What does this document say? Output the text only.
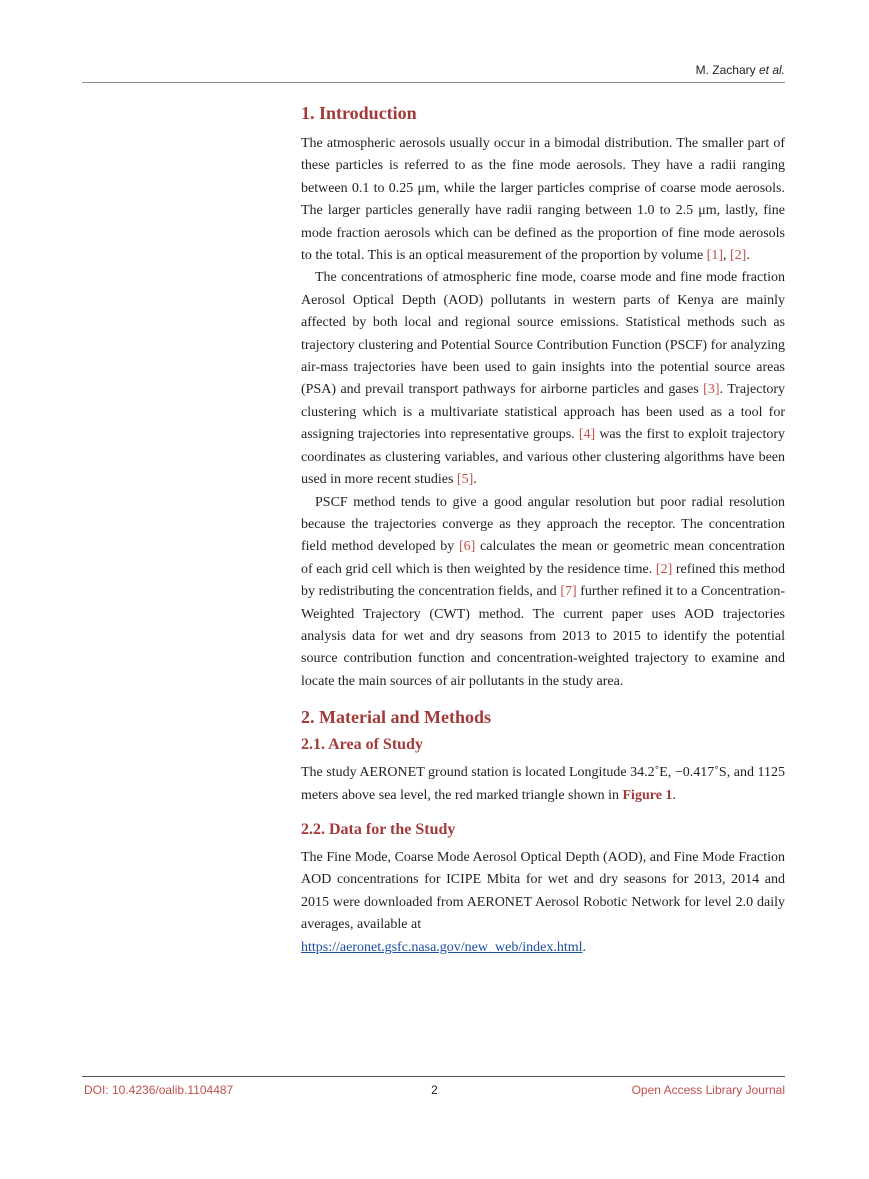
M. Zachary et al.
1. Introduction

The atmospheric aerosols usually occur in a bimodal distribution. The smaller part of these particles is referred to as the fine mode aerosols. They have a radii ranging between 0.1 to 0.25 μm, while the larger particles comprise of coarse mode aerosols. The larger particles generally have radii ranging between 1.0 to 2.5 μm, lastly, fine mode fraction aerosols which can be defined as the proportion of fine mode aerosols to the total. This is an optical measurement of the proportion by volume [1], [2].

The concentrations of atmospheric fine mode, coarse mode and fine mode fraction Aerosol Optical Depth (AOD) pollutants in western parts of Kenya are mainly affected by both local and regional source emissions. Statistical methods such as trajectory clustering and Potential Source Contribution Function (PSCF) for analyzing air-mass trajectories have been used to gain insights into the potential source areas (PSA) and prevail transport pathways for airborne particles and gases [3]. Trajectory clustering which is a multivariate statistical approach has been used as a tool for assigning trajectories into representative groups. [4] was the first to exploit trajectory coordinates as clustering variables, and various other clustering algorithms have been used in more recent studies [5].

PSCF method tends to give a good angular resolution but poor radial resolution because the trajectories converge as they approach the receptor. The concentration field method developed by [6] calculates the mean or geometric mean concentration of each grid cell which is then weighted by the residence time. [2] refined this method by redistributing the concentration fields, and [7] further refined it to a Concentration-Weighted Trajectory (CWT) method. The current paper uses AOD trajectories analysis data for wet and dry seasons from 2013 to 2015 to identify the potential source contribution function and concentration-weighted trajectory to examine and locate the main sources of air pollutants in the study area.

2. Material and Methods
2.1. Area of Study

The study AERONET ground station is located Longitude 34.2˚E, −0.417˚S, and 1125 meters above sea level, the red marked triangle shown in Figure 1.

2.2. Data for the Study

The Fine Mode, Coarse Mode Aerosol Optical Depth (AOD), and Fine Mode Fraction AOD concentrations for ICIPE Mbita for wet and dry seasons for 2013, 2014 and 2015 were downloaded from AERONET Aerosol Robotic Network for level 2.0 daily averages, available at
https://aeronet.gsfc.nasa.gov/new_web/index.html.

DOI: 10.4236/oalib.1104487	2	Open Access Library Journal
